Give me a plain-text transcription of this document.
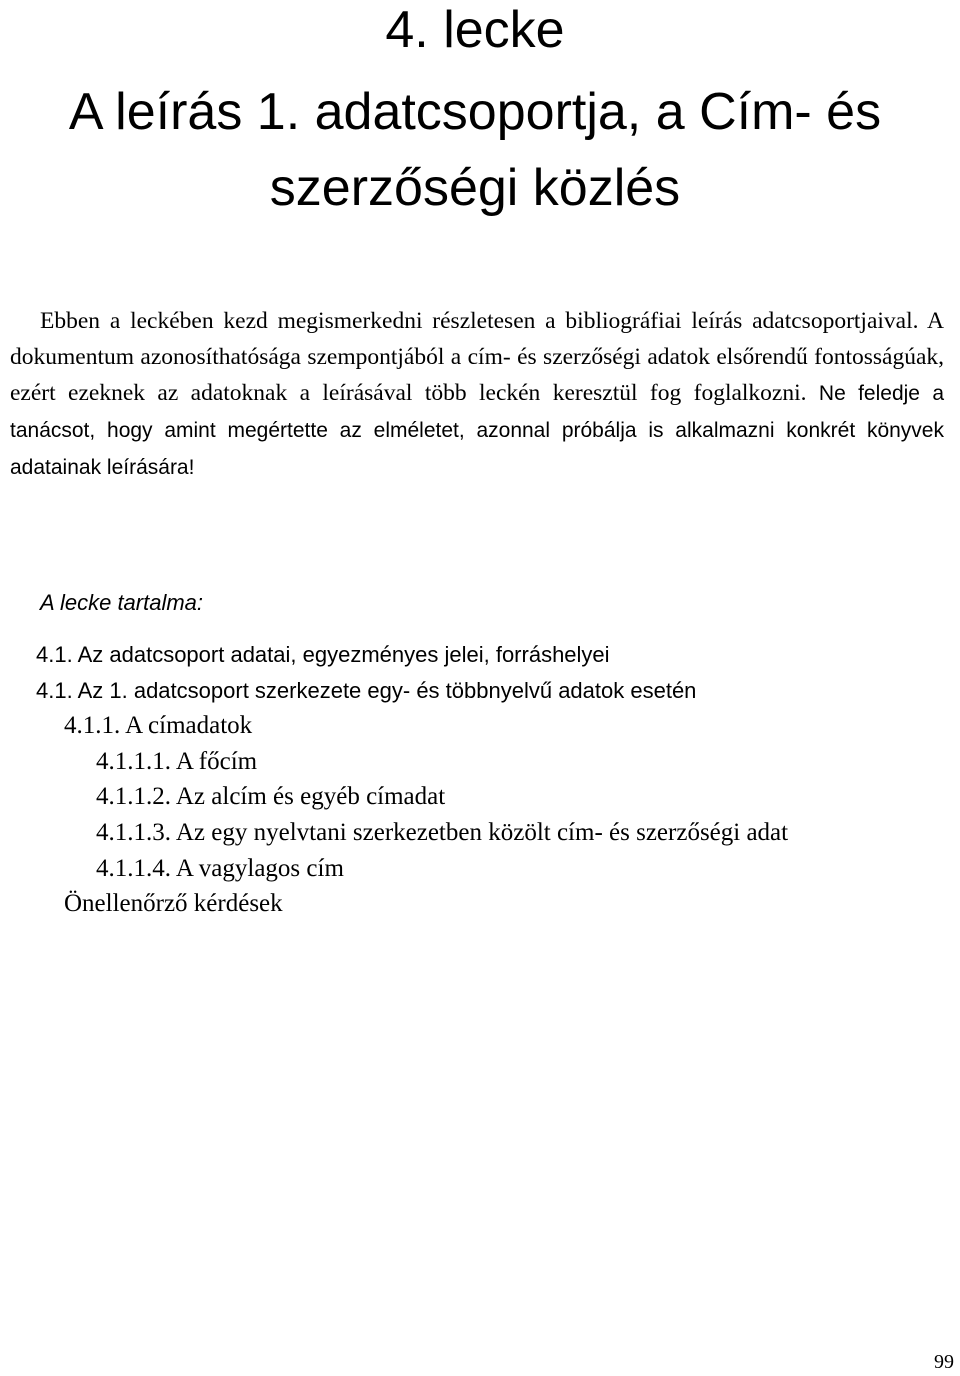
4. lecke
A leírás 1. adatcsoportja, a Cím- és
szerzőségi közlés

Ebben a leckében kezd megismerkedni részletesen a bibliográfiai leírás adatcsoportjaival. A dokumentum azonosíthatósága szempontjából a cím- és szerzőségi adatok elsőrendű fontosságúak, ezért ezeknek az adatoknak a leírásával több leckén keresztül fog foglalkozni. Ne feledje a tanácsot, hogy amint megértette az elméletet, azonnal próbálja is alkalmazni konkrét könyvek adatainak leírására!

A lecke tartalma:
4.1. Az adatcsoport adatai, egyezményes jelei, forráshelyei
4.1. Az 1. adatcsoport szerkezete egy- és többnyelvű adatok esetén
4.1.1. A címadatok
4.1.1.1. A főcím
4.1.1.2. Az alcím és egyéb címadat
4.1.1.3. Az egy nyelvtani szerkezetben közölt cím- és szerzőségi adat
4.1.1.4. A vagylagos cím
Önellenőrző kérdések

99
